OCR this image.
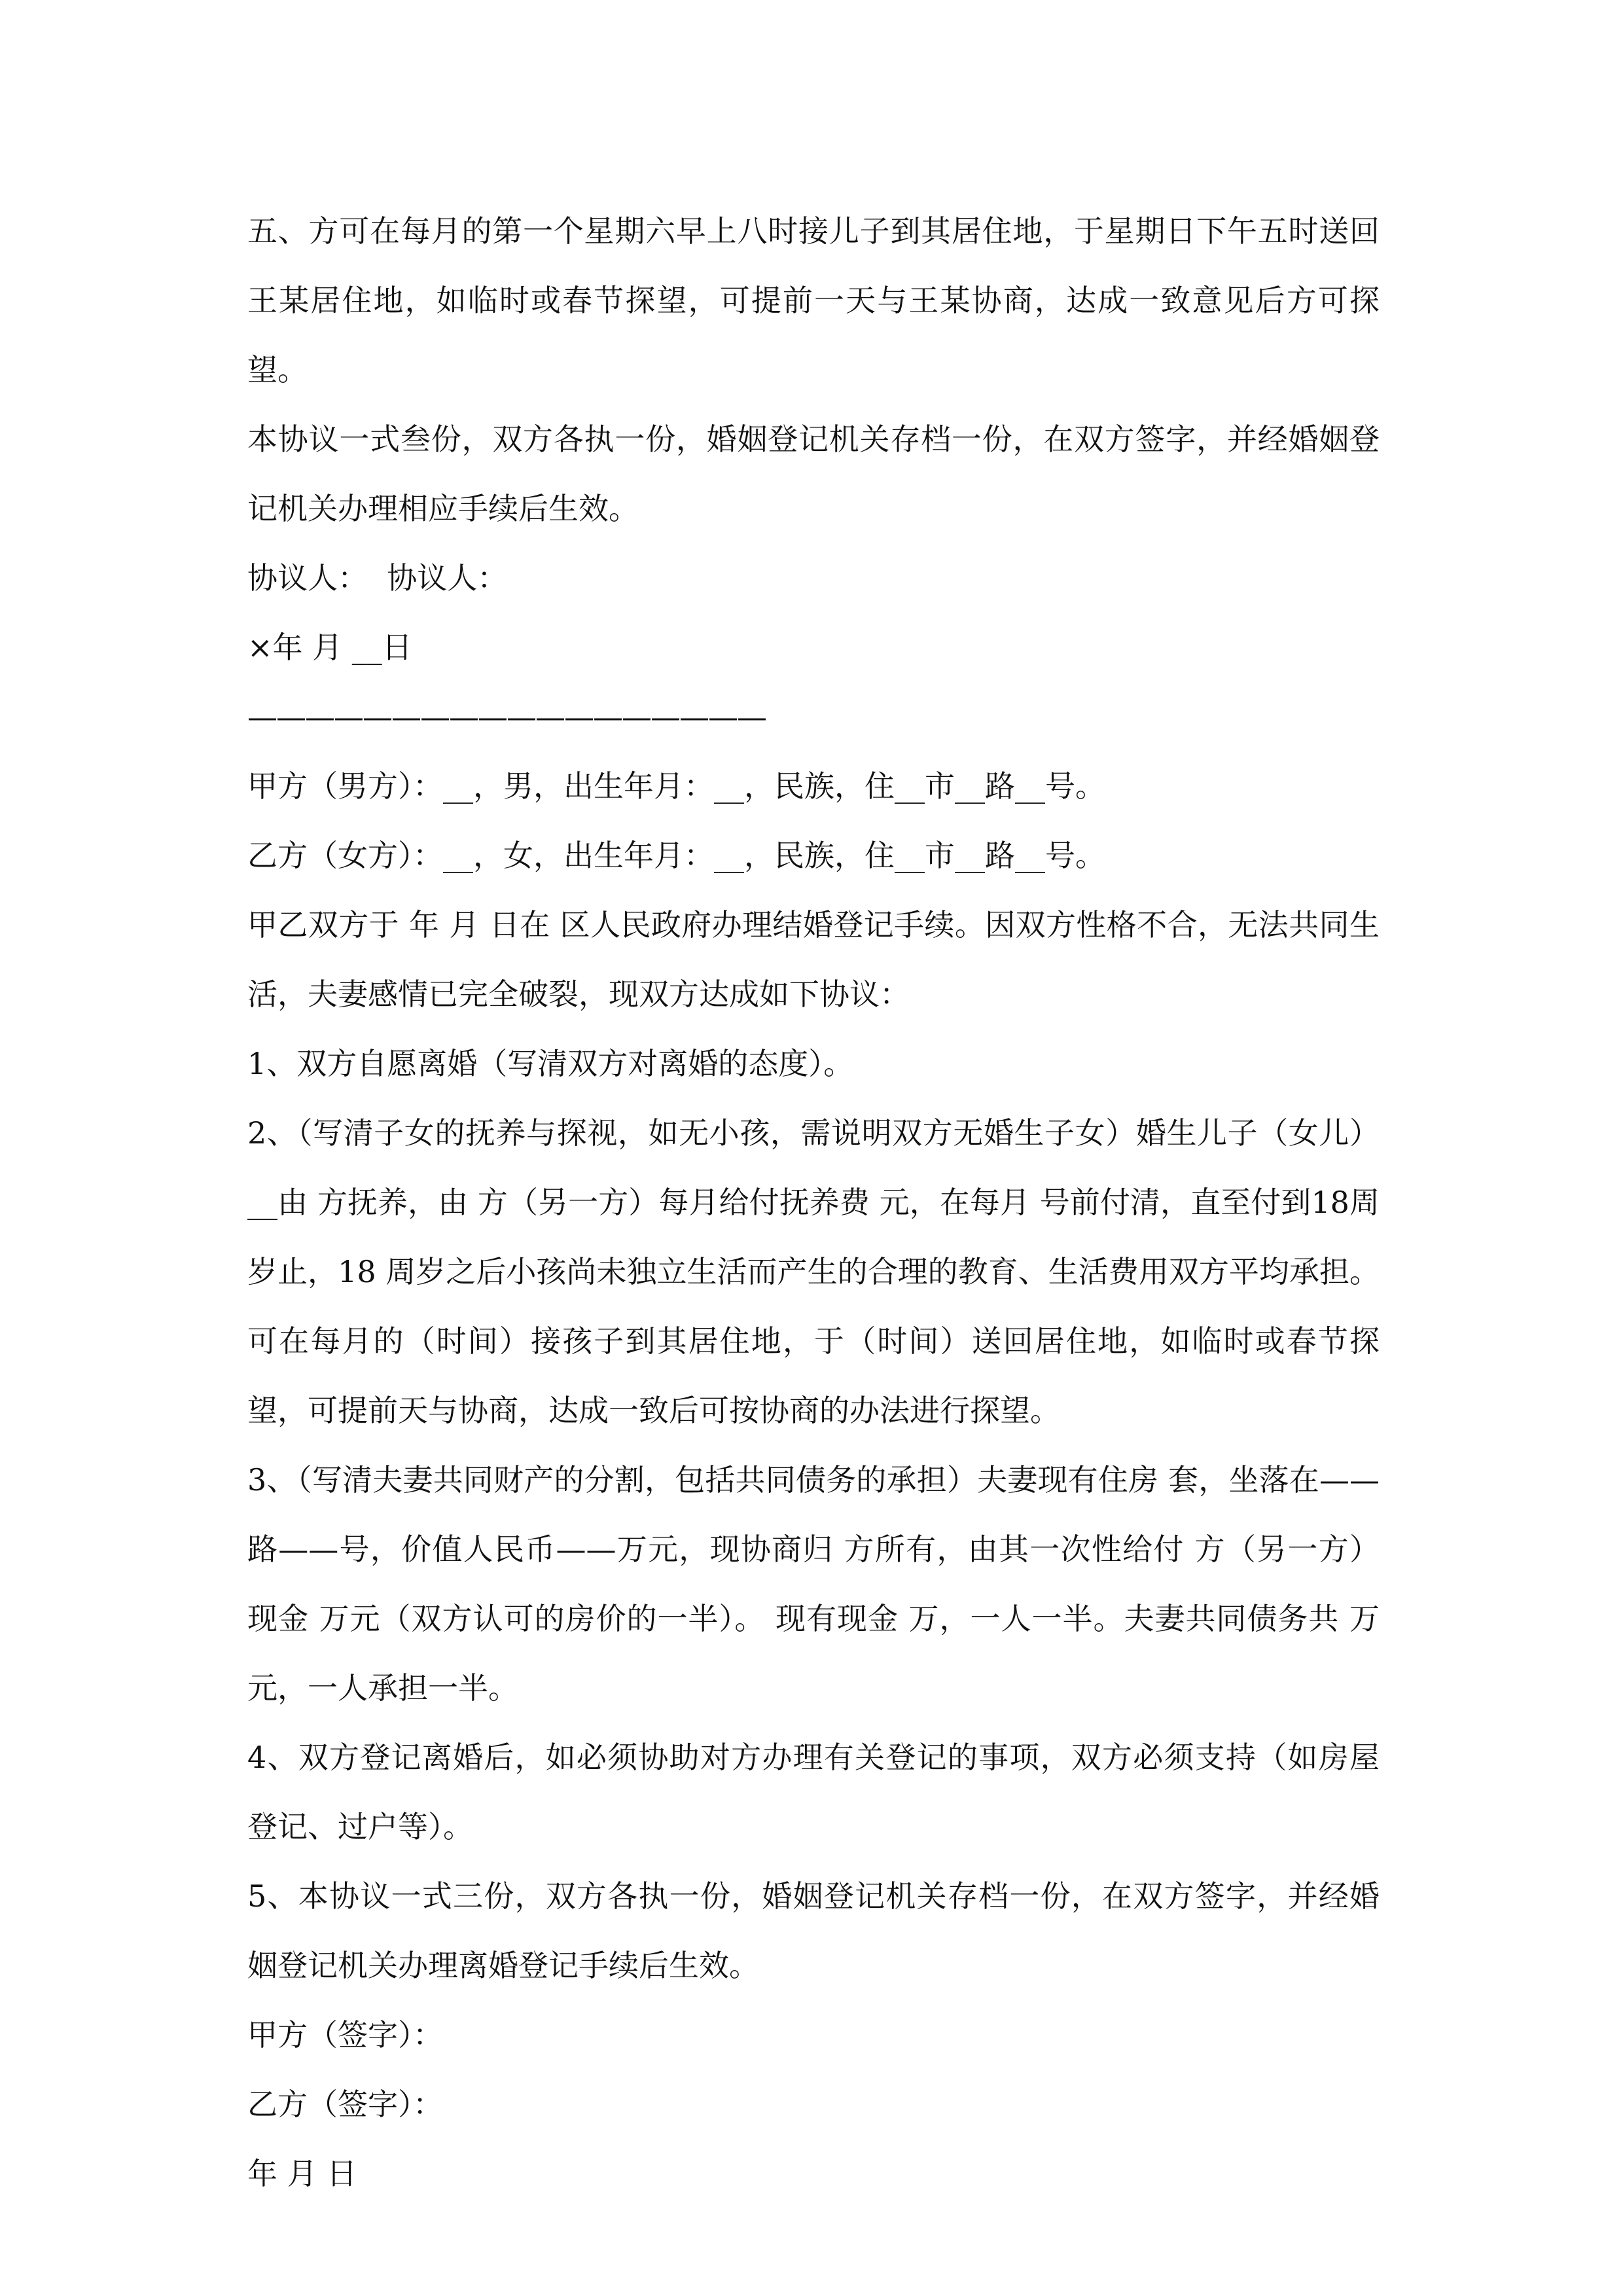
五、方可在每月的第一个星期六早上八时接儿子到其居住地，于星期日下午五时送回王某居住地，如临时或春节探望，可提前一天与王某协商，达成一致意见后方可探望。

本协议一式叁份，双方各执一份，婚姻登记机关存档一份，在双方签字，并经婚姻登记机关办理相应手续后生效。

协议人：  协议人：

×年 月 __日

——————————————————

甲方（男方）：__，男，出生年月：__，民族，住__市__路__号。

乙方（女方）：__，女，出生年月：__，民族，住__市__路__号。

甲乙双方于 年 月 日在 区人民政府办理结婚登记手续。因双方性格不合，无法共同生活，夫妻感情已完全破裂，现双方达成如下协议：

1、双方自愿离婚（写清双方对离婚的态度）。

2、（写清子女的抚养与探视，如无小孩，需说明双方无婚生子女）婚生儿子（女儿）__由 方抚养，由 方（另一方）每月给付抚养费 元，在每月 号前付清，直至付到18周岁止，18 周岁之后小孩尚未独立生活而产生的合理的教育、生活费用双方平均承担。可在每月的（时间）接孩子到其居住地，于（时间）送回居住地，如临时或春节探望，可提前天与协商，达成一致后可按协商的办法进行探望。

3、（写清夫妻共同财产的分割，包括共同债务的承担）夫妻现有住房 套，坐落在——路——号，价值人民币——万元，现协商归 方所有，由其一次性给付 方（另一方）现金 万元（双方认可的房价的一半）。 现有现金 万，一人一半。夫妻共同债务共 万元，一人承担一半。

4、双方登记离婚后，如必须协助对方办理有关登记的事项，双方必须支持（如房屋登记、过户等）。

5、本协议一式三份，双方各执一份，婚姻登记机关存档一份，在双方签字，并经婚姻登记机关办理离婚登记手续后生效。

甲方（签字）：

乙方（签字）：

年 月 日
